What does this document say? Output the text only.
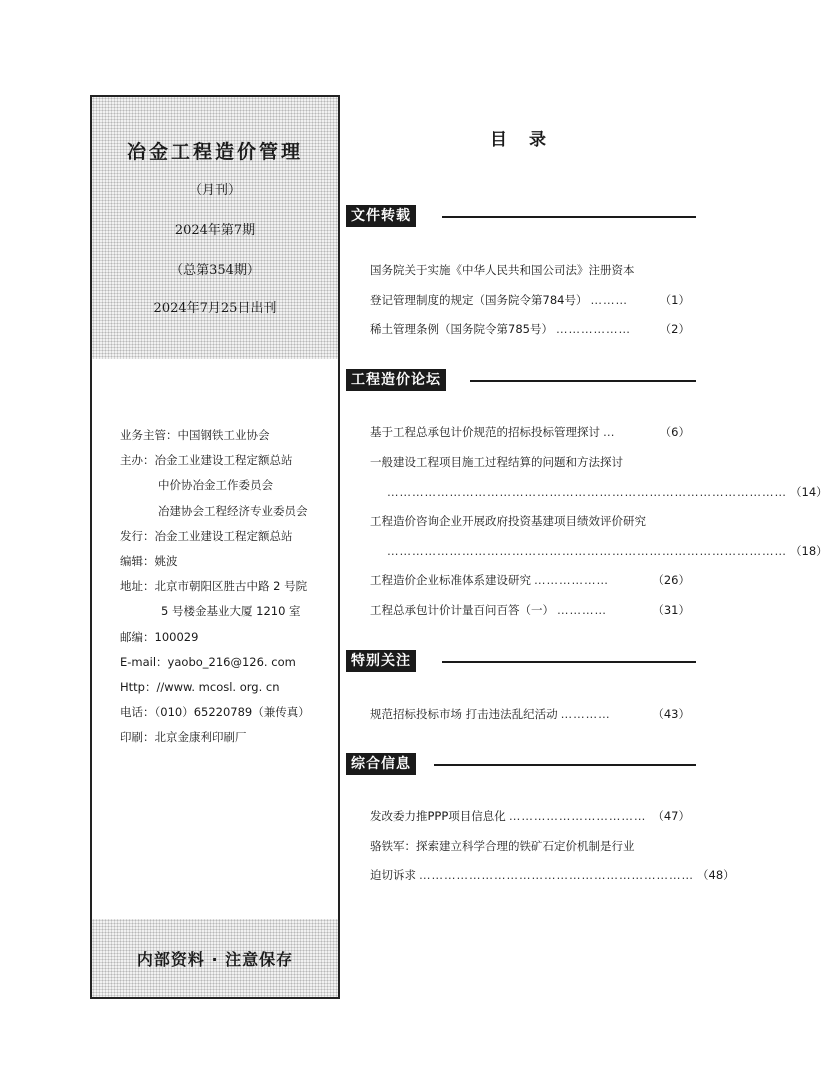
冶金工程造价管理
（月刊）
2024年第7期
（总第354期）
2024年7月25日出刊
业务主管：中国钢铁工业协会
主办：冶金工业建设工程定额总站
中价协冶金工作委员会
冶建协会工程经济专业委员会
发行：冶金工业建设工程定额总站
编辑：姚波
地址：北京市朝阳区胜古中路 2 号院
5 号楼金基业大厦 1210 室
邮编：100029
E-mail：yaobo_216@126. com
Http：//www. mcosl. org. cn
电话：（010）65220789（兼传真）
印刷：北京金康利印刷厂
内部资料 · 注意保存
目录
文件转载
国务院关于实施《中华人民共和国公司法》注册资本
登记管理制度的规定（国务院令第784号） ………	（1）
稀土管理条例（国务院令第785号） ………………	（2）
工程造价论坛
基于工程总承包计价规范的招标投标管理探讨 …	（6）
一般建设工程项目施工过程结算的问题和方法探讨
…………………………………………………………………………………… （14）
工程造价咨询企业开展政府投资基建项目绩效评价研究
…………………………………………………………………………………… （18）
工程造价企业标准体系建设研究 ………………	（26）
工程总承包计价计量百问百答（一） …………	（31）
特别关注
规范招标投标市场 打击违法乱纪活动 …………	（43）
综合信息
发改委力推PPP项目信息化 …………………………… （47）
骆铁军：探索建立科学合理的铁矿石定价机制是行业
迫切诉求 ………………………………………………………… （48）
